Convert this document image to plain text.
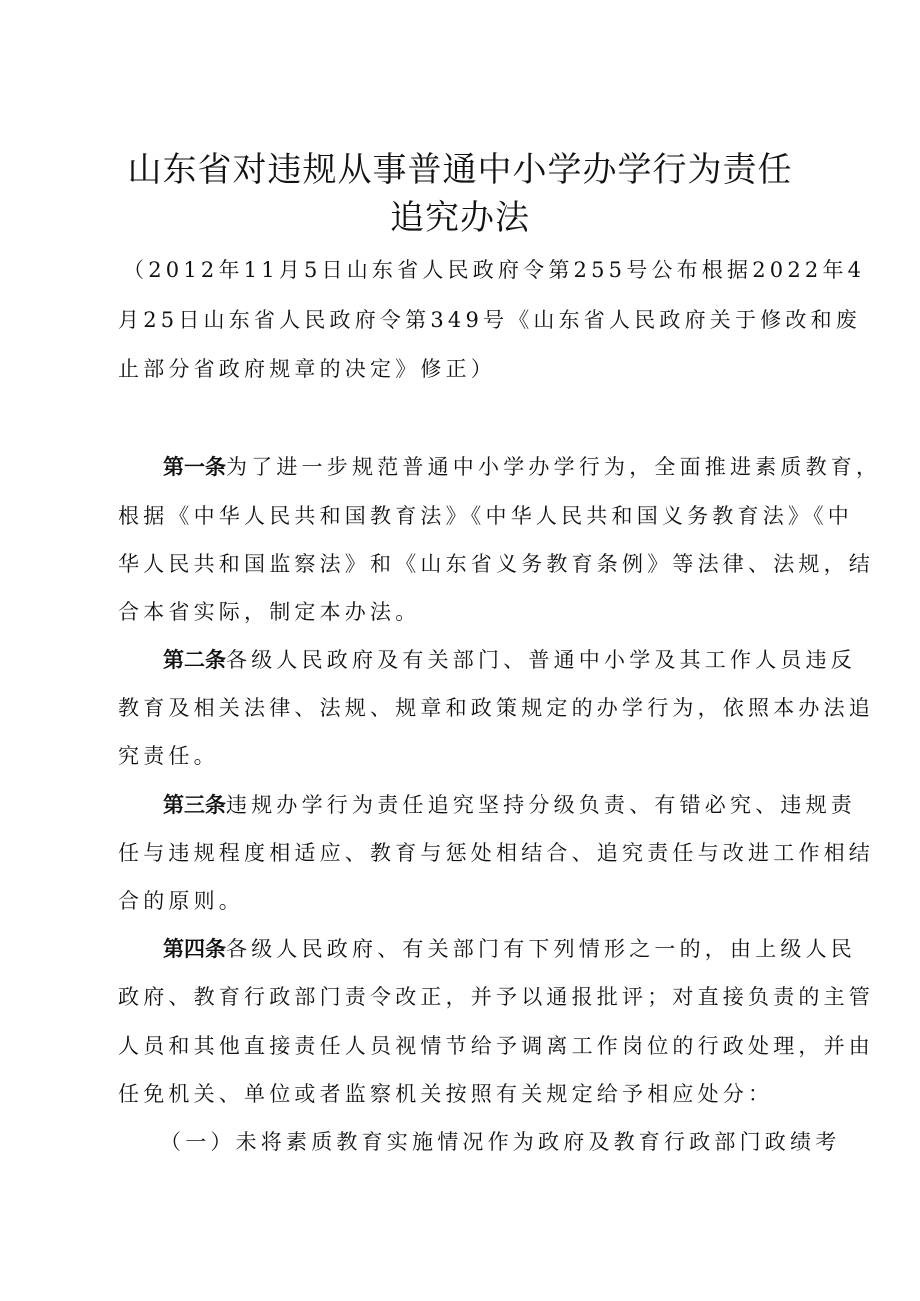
山东省对违规从事普通中小学办学行为责任
追究办法
（2012年11月5日山东省人民政府令第255号公布根据2022年4
月25日山东省人民政府令第349号《山东省人民政府关于修改和废
止部分省政府规章的决定》修正）
第一条为了进一步规范普通中小学办学行为，全面推进素质教育，
根据《中华人民共和国教育法》《中华人民共和国义务教育法》《中
华人民共和国监察法》和《山东省义务教育条例》等法律、法规，结
合本省实际，制定本办法。
第二条各级人民政府及有关部门、普通中小学及其工作人员违反
教育及相关法律、法规、规章和政策规定的办学行为，依照本办法追
究责任。
第三条违规办学行为责任追究坚持分级负责、有错必究、违规责
任与违规程度相适应、教育与惩处相结合、追究责任与改进工作相结
合的原则。
第四条各级人民政府、有关部门有下列情形之一的，由上级人民
政府、教育行政部门责令改正，并予以通报批评；对直接负责的主管
人员和其他直接责任人员视情节给予调离工作岗位的行政处理，并由
任免机关、单位或者监察机关按照有关规定给予相应处分：
（一）未将素质教育实施情况作为政府及教育行政部门政绩考
